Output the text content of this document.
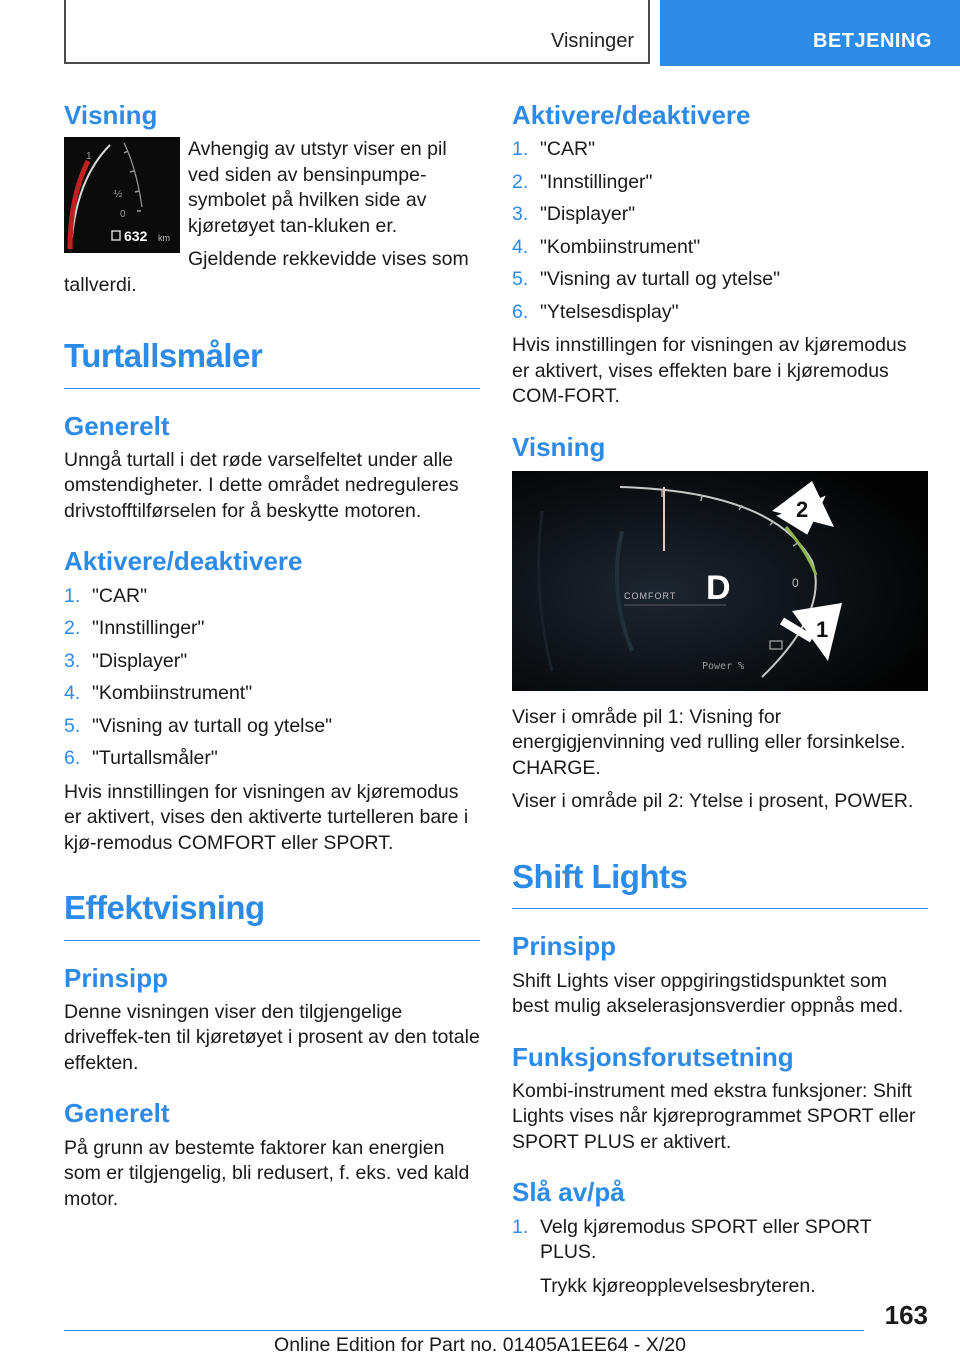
Visninger	BETJENING
Visning
1
½
0
632 km

Avhengig av utstyr viser en pil ved siden av bensinpumpe-symbolet på hvilken side av kjøretøyet tan-kluken er.

Gjeldende rekkevidde vises som tallverdi.

Turtallsmåler
Generelt

Unngå turtall i det røde varselfeltet under alle omstendigheter. I dette området nedreguleres drivstofftilførselen for å beskytte motoren.

Aktivere/deaktivere
1. "CAR"
2. "Innstillinger"
3. "Displayer"
4. "Kombiinstrument"
5. "Visning av turtall og ytelse"
6. "Turtallsmåler"

Hvis innstillingen for visningen av kjøremodus er aktivert, vises den aktiverte turtelleren bare i kjø-remodus COMFORT eller SPORT.

Effektvisning
Prinsipp

Denne visningen viser den tilgjengelige driveffek-ten til kjøretøyet i prosent av den totale effekten.

Generelt

På grunn av bestemte faktorer kan energien som er tilgjengelig, bli redusert, f. eks. ved kald motor.

Aktivere/deaktivere
1. "CAR"
2. "Innstillinger"
3. "Displayer"
4. "Kombiinstrument"
5. "Visning av turtall og ytelse"
6. "Ytelsesdisplay"

Hvis innstillingen for visningen av kjøremodus er aktivert, vises effekten bare i kjøremodus COM-FORT.

Visning
COMFORT D	0
Power %
2
1

Viser i område pil 1: Visning for energigjenvinning ved rulling eller forsinkelse. CHARGE.

Viser i område pil 2: Ytelse i prosent, POWER.

Shift Lights
Prinsipp

Shift Lights viser oppgiringstidspunktet som best mulig akselerasjonsverdier oppnås med.

Funksjonsforutsetning

Kombi-instrument med ekstra funksjoner: Shift Lights vises når kjøreprogrammet SPORT eller SPORT PLUS er aktivert.

Slå av/på
1. Velg kjøremodus SPORT eller SPORT PLUS.

Trykk kjøreopplevelsesbryteren.

163
Online Edition for Part no. 01405A1EE64 - X/20
